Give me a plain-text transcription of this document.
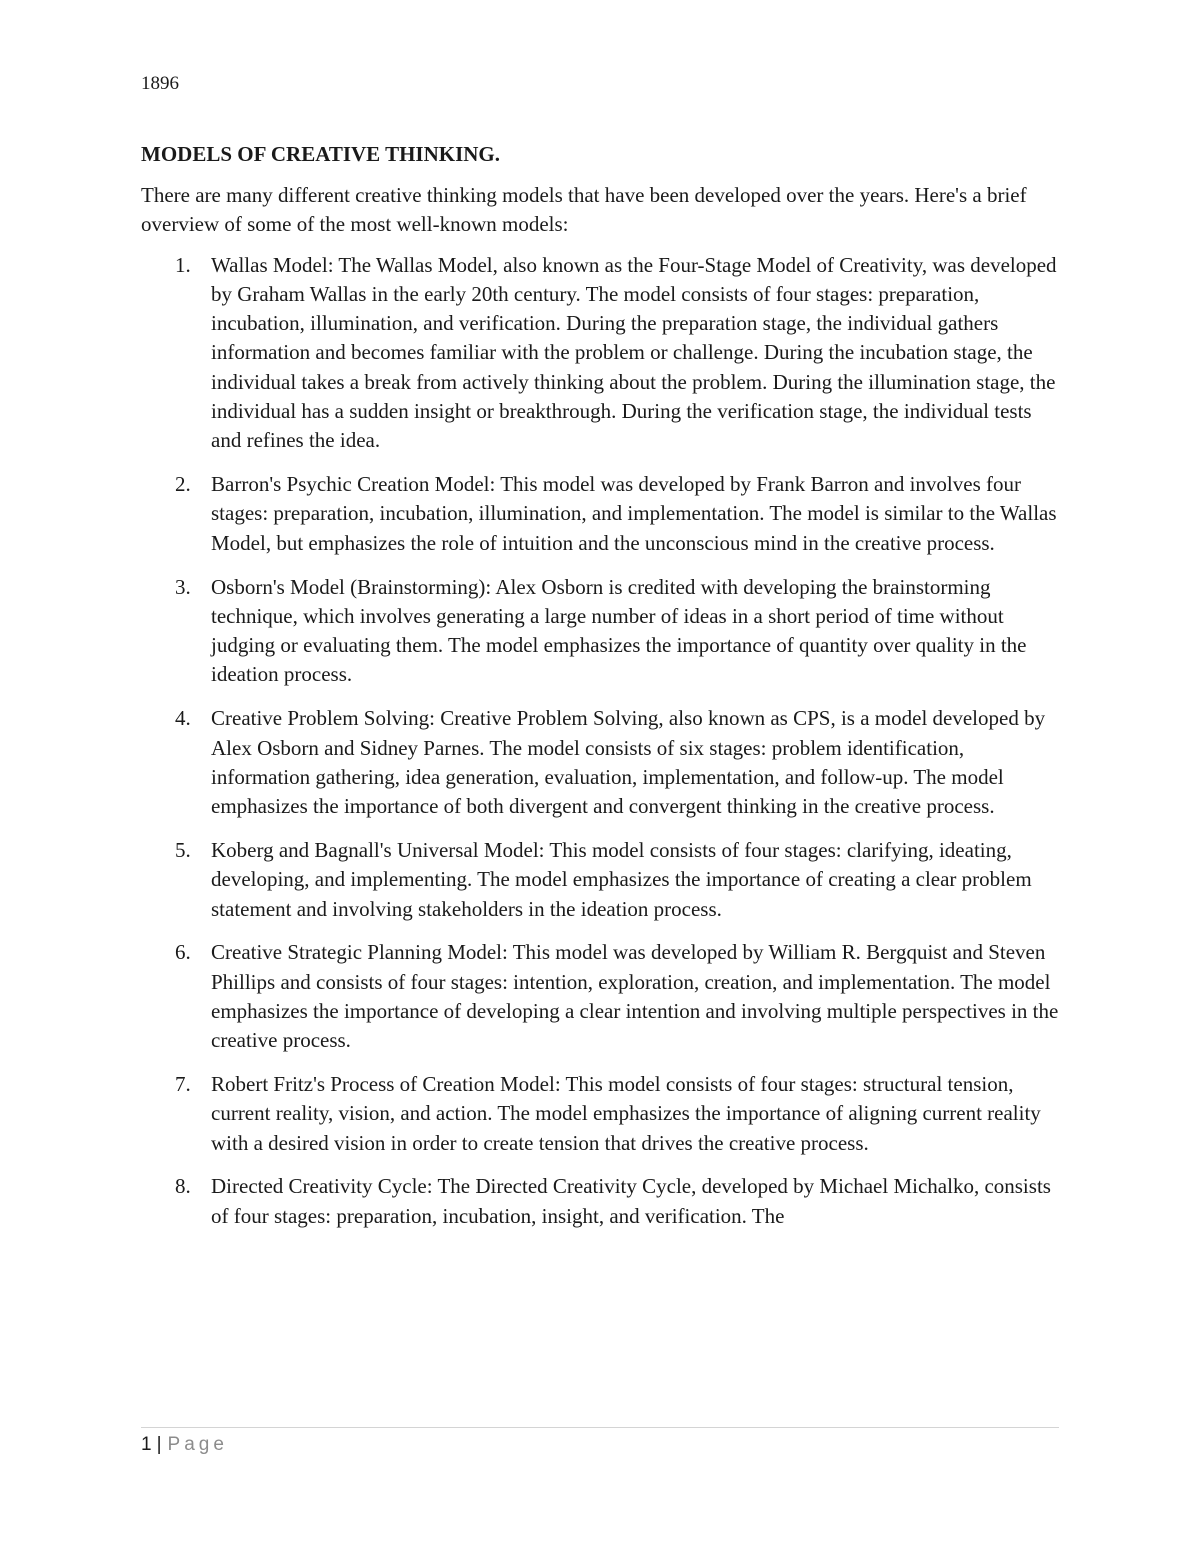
1896
MODELS OF CREATIVE THINKING.

There are many different creative thinking models that have been developed over the years. Here's a brief overview of some of the most well-known models:

1. Wallas Model: The Wallas Model, also known as the Four-Stage Model of Creativity, was developed by Graham Wallas in the early 20th century. The model consists of four stages: preparation, incubation, illumination, and verification. During the preparation stage, the individual gathers information and becomes familiar with the problem or challenge. During the incubation stage, the individual takes a break from actively thinking about the problem. During the illumination stage, the individual has a sudden insight or breakthrough. During the verification stage, the individual tests and refines the idea.
2. Barron's Psychic Creation Model: This model was developed by Frank Barron and involves four stages: preparation, incubation, illumination, and implementation. The model is similar to the Wallas Model, but emphasizes the role of intuition and the unconscious mind in the creative process.
3. Osborn's Model (Brainstorming): Alex Osborn is credited with developing the brainstorming technique, which involves generating a large number of ideas in a short period of time without judging or evaluating them. The model emphasizes the importance of quantity over quality in the ideation process.
4. Creative Problem Solving: Creative Problem Solving, also known as CPS, is a model developed by Alex Osborn and Sidney Parnes. The model consists of six stages: problem identification, information gathering, idea generation, evaluation, implementation, and follow-up. The model emphasizes the importance of both divergent and convergent thinking in the creative process.
5. Koberg and Bagnall's Universal Model: This model consists of four stages: clarifying, ideating, developing, and implementing. The model emphasizes the importance of creating a clear problem statement and involving stakeholders in the ideation process.
6. Creative Strategic Planning Model: This model was developed by William R. Bergquist and Steven Phillips and consists of four stages: intention, exploration, creation, and implementation. The model emphasizes the importance of developing a clear intention and involving multiple perspectives in the creative process.
7. Robert Fritz's Process of Creation Model: This model consists of four stages: structural tension, current reality, vision, and action. The model emphasizes the importance of aligning current reality with a desired vision in order to create tension that drives the creative process.
8. Directed Creativity Cycle: The Directed Creativity Cycle, developed by Michael Michalko, consists of four stages: preparation, incubation, insight, and verification. The
1 | Page
